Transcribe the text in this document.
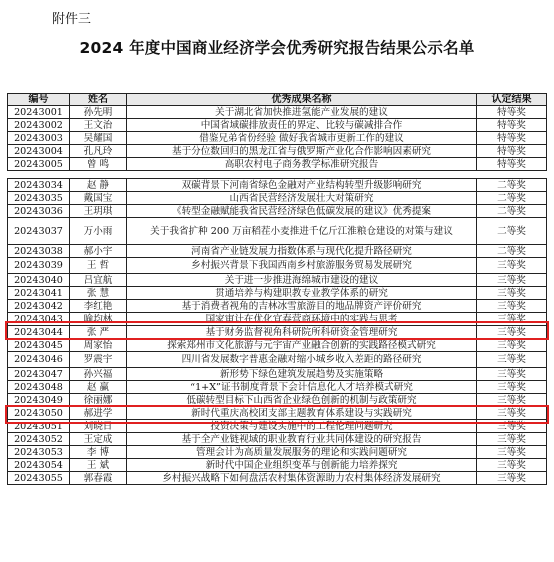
附件三
2024 年度中国商业经济学会优秀研究报告结果公示名单
编号	姓名	优秀成果名称	认定结果
20243001	孙先明	关于湖北省加快推进氢能产业发展的建议	特等奖
20243002	王文治	中国省域碳排放责任的界定、比较与碳减排合作	特等奖
20243003	吴耀国	借鉴兄弟省份经验 做好我省城市更新工作的建议	特等奖
20243004	孔凡玲	基于分位数回归的黑龙江省与俄罗斯产业化合作影响因素研究	特等奖
20243005	曾 鸣	高职农村电子商务教学标准研究报告	特等奖
20243034	赵 静	双碳背景下河南省绿色金融对产业结构转型升级影响研究	二等奖
20243035	戴国宝	山西省民营经济发展壮大对策研究	二等奖
20243036	王玥琪	《转型金融赋能我省民营经济绿色低碳发展的建议》优秀提案	二等奖
20243037	万小雨	关于我省扩种 200 万亩稻茬小麦推进千亿斤江淮粮仓建设的对策与建议	二等奖
20243038	郝小宇	河南省产业链发展力指数体系与现代化提升路径研究	二等奖
20243039	王 哲	乡村振兴背景下我国西南乡村旅游服务贸易发展研究	三等奖
20243040	吕宜航	关于进一步推进海绵城市建设的建议	三等奖
20243041	张 慧	贯通培养与构建职教专业教学体系的研究	三等奖
20243042	李红艳	基于消费者视角的吉林冰雪旅游目的地品牌资产评价研究	三等奖
20243043	喻均林	国家审计在优化宜春营商环境中的实践与思考	三等奖
20243044	张 严	基于财务监督视角科研院所科研资金管理研究	三等奖
20243045	周家怡	探索郑州市文化旅游与元宇宙产业融合创新的实践路径模式研究	三等奖
20243046	罗震宇	四川省发展数字普惠金融对缩小城乡收入差距的路径研究	三等奖
20243047	孙兴福	新形势下绿色建筑发展趋势及实施策略	三等奖
20243048	赵 赢	“1+X”证书制度背景下会计信息化人才培养模式研究	三等奖
20243049	徐丽娜	低碳转型目标下山西省企业绿色创新的机制与政策研究	三等奖
20243050	郝进学	新时代重庆高校团支部主题教育体系建设与实践研究	三等奖
20243051	刘晓日	投资决策与建设实施中的工程伦理问题研究	三等奖
20243052	王定成	基于全产业链视域的职业教育行业共同体建设的研究报告	三等奖
20243053	李 博	管理会计为高质量发展服务的理论和实践问题研究	三等奖
20243054	王 斌	新时代中国企业组织变革与创新能力培养探究	三等奖
20243055	郭春霞	乡村振兴战略下如何盘活农村集体资源助力农村集体经济发展研究	三等奖
